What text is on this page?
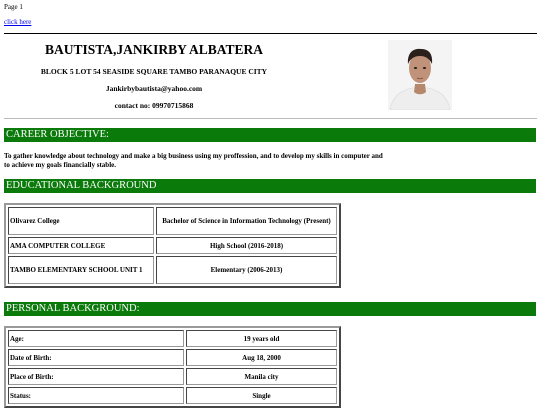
Page 1
click here
BAUTISTA,JANKIRBY ALBATERA
BLOCK 5 LOT 54 SEASIDE SQUARE TAMBO PARANAQUE CITY
Jankirbybautista@yahoo.com
contact no: 09970715868
CAREER OBJECTIVE:
To gather knowledge about technology and make a big business using my proffession, and to develop my skills in computer and
to achieve my goals financially stable.
EDUCATIONAL BACKGROUND
Olivarez College	Bachelor of Science in Information Technology (Present)
AMA COMPUTER COLLEGE	High School (2016-2018)
TAMBO ELEMENTARY SCHOOL UNIT 1	Elementary (2006-2013)
PERSONAL BACKGROUND:
Age:	19 years old
Date of Birth:	Aug 18, 2000
Place of Birth:	Manila city
Status:	Single
